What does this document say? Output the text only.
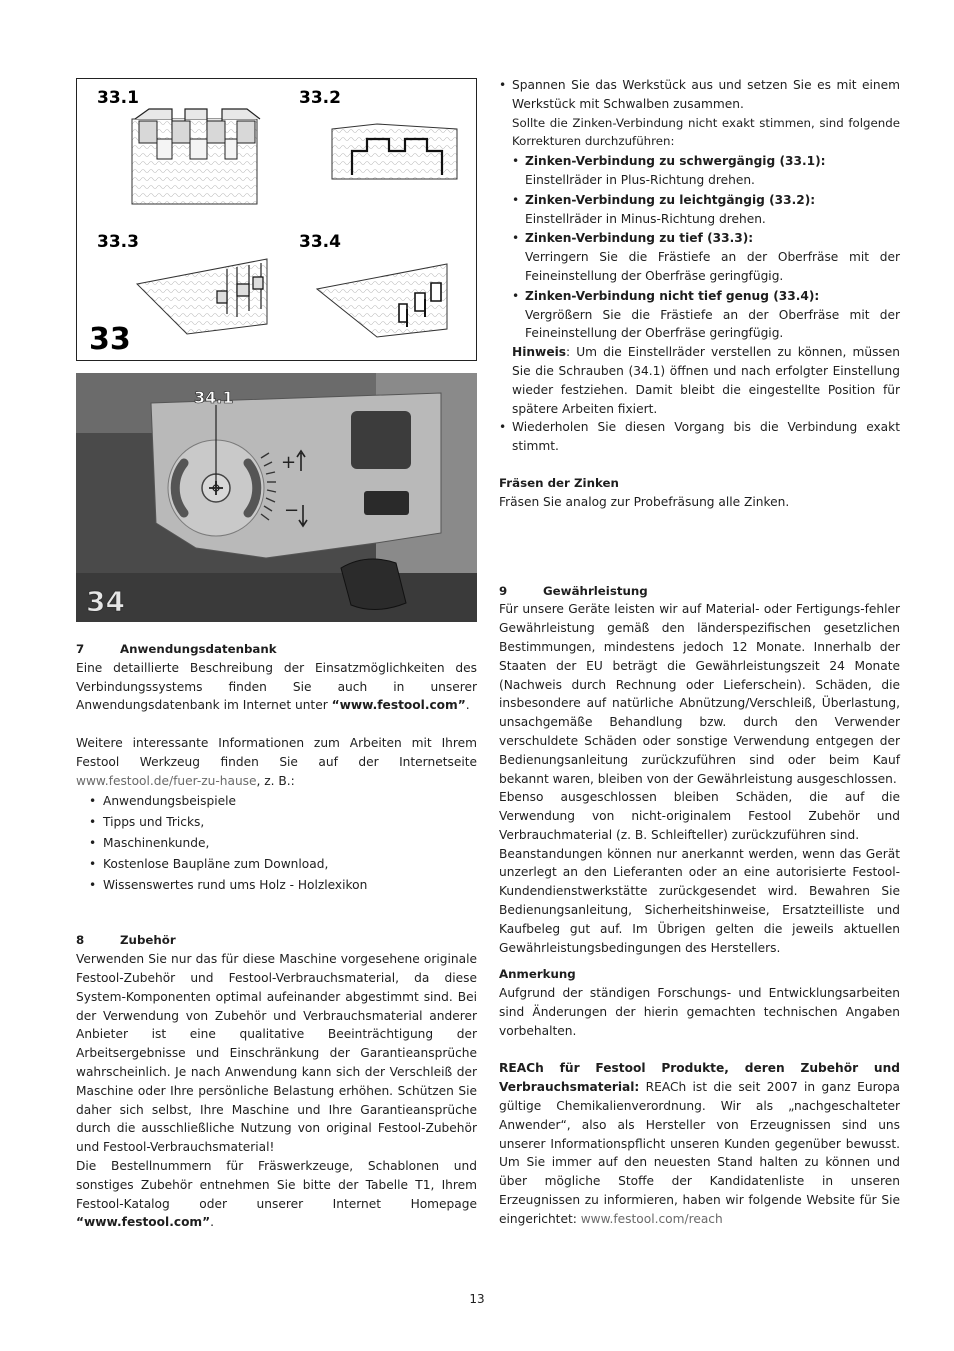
33.1	33.2
33.3	33.4
33
+
−
34.1
34
7	Anwendungsdatenbank

Eine detaillierte Beschreibung der Einsatzmöglichkeiten des Verbindungssystems finden Sie auch in unserer Anwendungsdatenbank im Internet unter “www.festool.com”.

Weitere interessante Informationen zum Arbeiten mit Ihrem Festool Werkzeug finden Sie auf der Internetseite www.festool.de/fuer-zu-hause, z. B.:

• Anwendungsbeispiele
• Tipps und Tricks,
• Maschinenkunde,
• Kostenlose Baupläne zum Download,
• Wissenswertes rund ums Holz - Holzlexikon
8	Zubehör

Verwenden Sie nur das für diese Maschine vorgesehene originale Festool-Zubehör und Festool-Verbrauchsmaterial, da diese System-Komponenten optimal aufeinander abgestimmt sind. Bei der Verwendung von Zubehör und Verbrauchsmaterial anderer Anbieter ist eine qualitative Beeinträchtigung der Arbeitsergebnisse und Einschränkung der Garantieansprüche wahrscheinlich. Je nach Anwendung kann sich der Verschleiß der Maschine oder Ihre persönliche Belastung erhöhen. Schützen Sie daher sich selbst, Ihre Maschine und Ihre Garantieansprüche durch die ausschließliche Nutzung von original Festool-Zubehör und Festool-Verbrauchsmaterial!

Die Bestellnummern für Fräswerkzeuge, Schablonen und sonstiges Zubehör entnehmen Sie bitte der Tabelle T1, Ihrem Festool-Katalog oder unserer Internet Homepage “www.festool.com”.

• Spannen Sie das Werkstück aus und setzen Sie es mit einem Werkstück mit Schwalben zusammen.

Sollte die Zinken-Verbindung nicht exakt stimmen, sind folgende Korrekturen durchzuführen:

• Zinken-Verbindung zu schwergängig (33.1):
Einstellräder in Plus-Richtung drehen.
• Zinken-Verbindung zu leichtgängig (33.2):
Einstellräder in Minus-Richtung drehen.
• Zinken-Verbindung zu tief (33.3):

Verringern Sie die Frästiefe an der Oberfräse mit der Feineinstellung der Oberfräse geringfügig.

• Zinken-Verbindung nicht tief genug (33.4):

Vergrößern Sie die Frästiefe an der Oberfräse mit der Feineinstellung der Oberfräse geringfügig.

Hinweis: Um die Einstellräder verstellen zu können, müssen Sie die Schrauben (34.1) öffnen und nach erfolgter Einstellung wieder festziehen. Damit bleibt die eingestellte Position für spätere Arbeiten fixiert.

• Wiederholen Sie diesen Vorgang bis die Verbindung exakt stimmt.

Fräsen der Zinken

Fräsen Sie analog zur Probefräsung alle Zinken.

9	Gewährleistung

Für unsere Geräte leisten wir auf Material- oder Fertigungs-fehler Gewährleistung gemäß den länderspezifischen gesetzlichen Bestimmungen, mindestens jedoch 12 Monate. Innerhalb der Staaten der EU beträgt die Gewährleistungszeit 24 Monate (Nachweis durch Rechnung oder Lieferschein). Schäden, die insbesondere auf natürliche Abnützung/Verschleiß, Überlastung, unsachgemäße Behandlung bzw. durch den Verwender verschuldete Schäden oder sonstige Verwendung entgegen der Bedienungsanleitung zurückzuführen sind oder beim Kauf bekannt waren, bleiben von der Gewährleistung ausgeschlossen.

Ebenso ausgeschlossen bleiben Schäden, die auf die Verwendung von nicht-originalem Festool Zubehör und Verbrauchmaterial (z. B. Schleifteller) zurückzuführen sind.

Beanstandungen können nur anerkannt werden, wenn das Gerät unzerlegt an den Lieferanten oder an eine autorisierte Festool-Kundendienstwerkstätte zurückgesendet wird. Bewahren Sie Bedienungsanleitung, Sicherheitshinweise, Ersatzteilliste und Kaufbeleg gut auf. Im Übrigen gelten die jeweils aktuellen Gewährleistungsbedingungen des Herstellers.

Anmerkung

Aufgrund der ständigen Forschungs- und Entwicklungsarbeiten sind Änderungen der hierin gemachten technischen Angaben vorbehalten.

REACh für Festool Produkte, deren Zubehör und Verbrauchsmaterial: REACh ist die seit 2007 in ganz Europa gültige Chemikalienverordnung. Wir als „nachgeschalteter Anwender“, also als Hersteller von Erzeugnissen sind uns unserer Informationspflicht unseren Kunden gegenüber bewusst. Um Sie immer auf den neuesten Stand halten zu können und über mögliche Stoffe der Kandidatenliste in unseren Erzeugnissen zu informieren, haben wir folgende Website für Sie eingerichtet: www.festool.com/reach

13
